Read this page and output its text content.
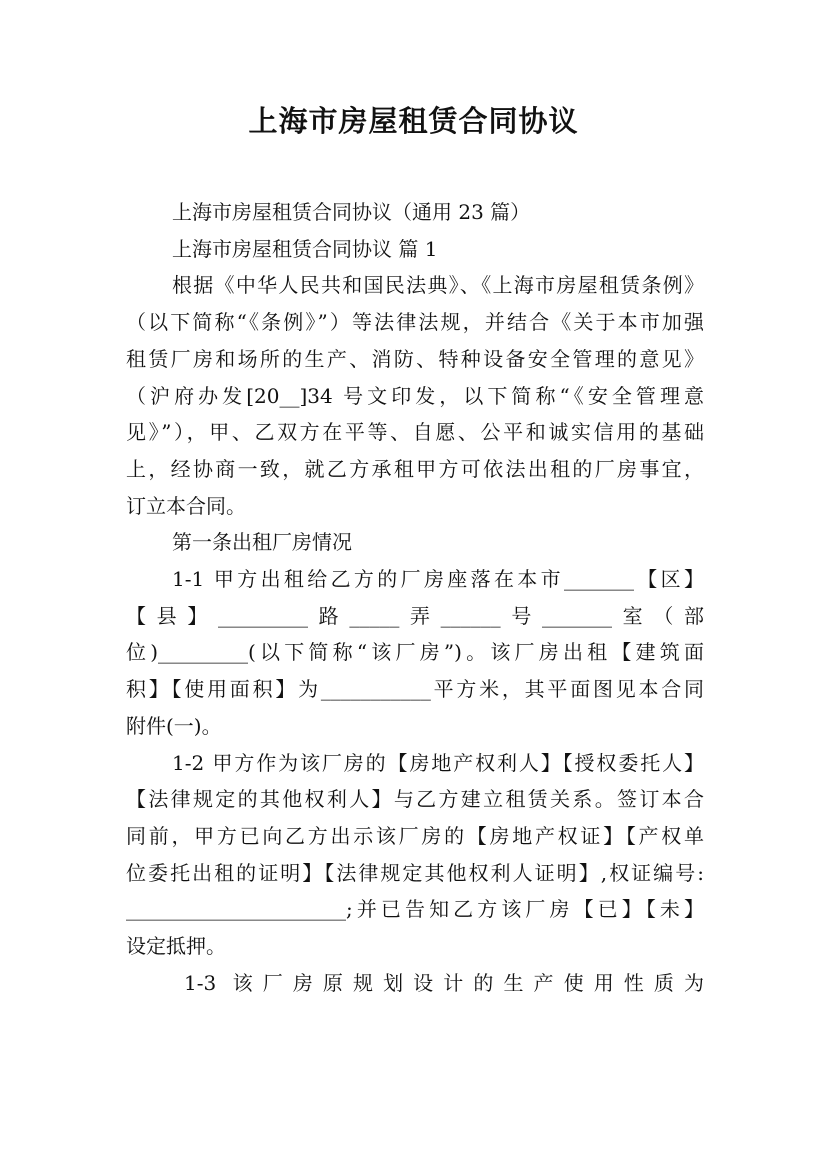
上海市房屋租赁合同协议
上海市房屋租赁合同协议（通用 23 篇）
上海市房屋租赁合同协议 篇 1
根据《中华人民共和国民法典》、《上海市房屋租赁条例》
（以下简称“《条例》”）等法律法规，并结合《关于本市加强
租赁厂房和场所的生产、消防、特种设备安全管理的意见》
（沪府办发[20__]34 号文印发，以下简称“《安全管理意
见》”），甲、乙双方在平等、自愿、公平和诚实信用的基础
上，经协商一致，就乙方承租甲方可依法出租的厂房事宜，
订立本合同。
第一条出租厂房情况
1-1 甲方出租给乙方的厂房座落在本市_______【区】
【县】_________路_____弄______号_______室（部
位)_________(以下简称“该厂房”)。该厂房出租【建筑面
积】【使用面积】为___________平方米，其平面图见本合同
附件(一)。
1-2 甲方作为该厂房的【房地产权利人】【授权委托人】
【法律规定的其他权利人】与乙方建立租赁关系。签订本合
同前，甲方已向乙方出示该厂房的【房地产权证】【产权单
位委托出租的证明】【法律规定其他权利人证明】,权证编号:
______________________;并已告知乙方该厂房【已】【未】
设定抵押。
1-3 该厂房原规划设计的生产使用性质为
